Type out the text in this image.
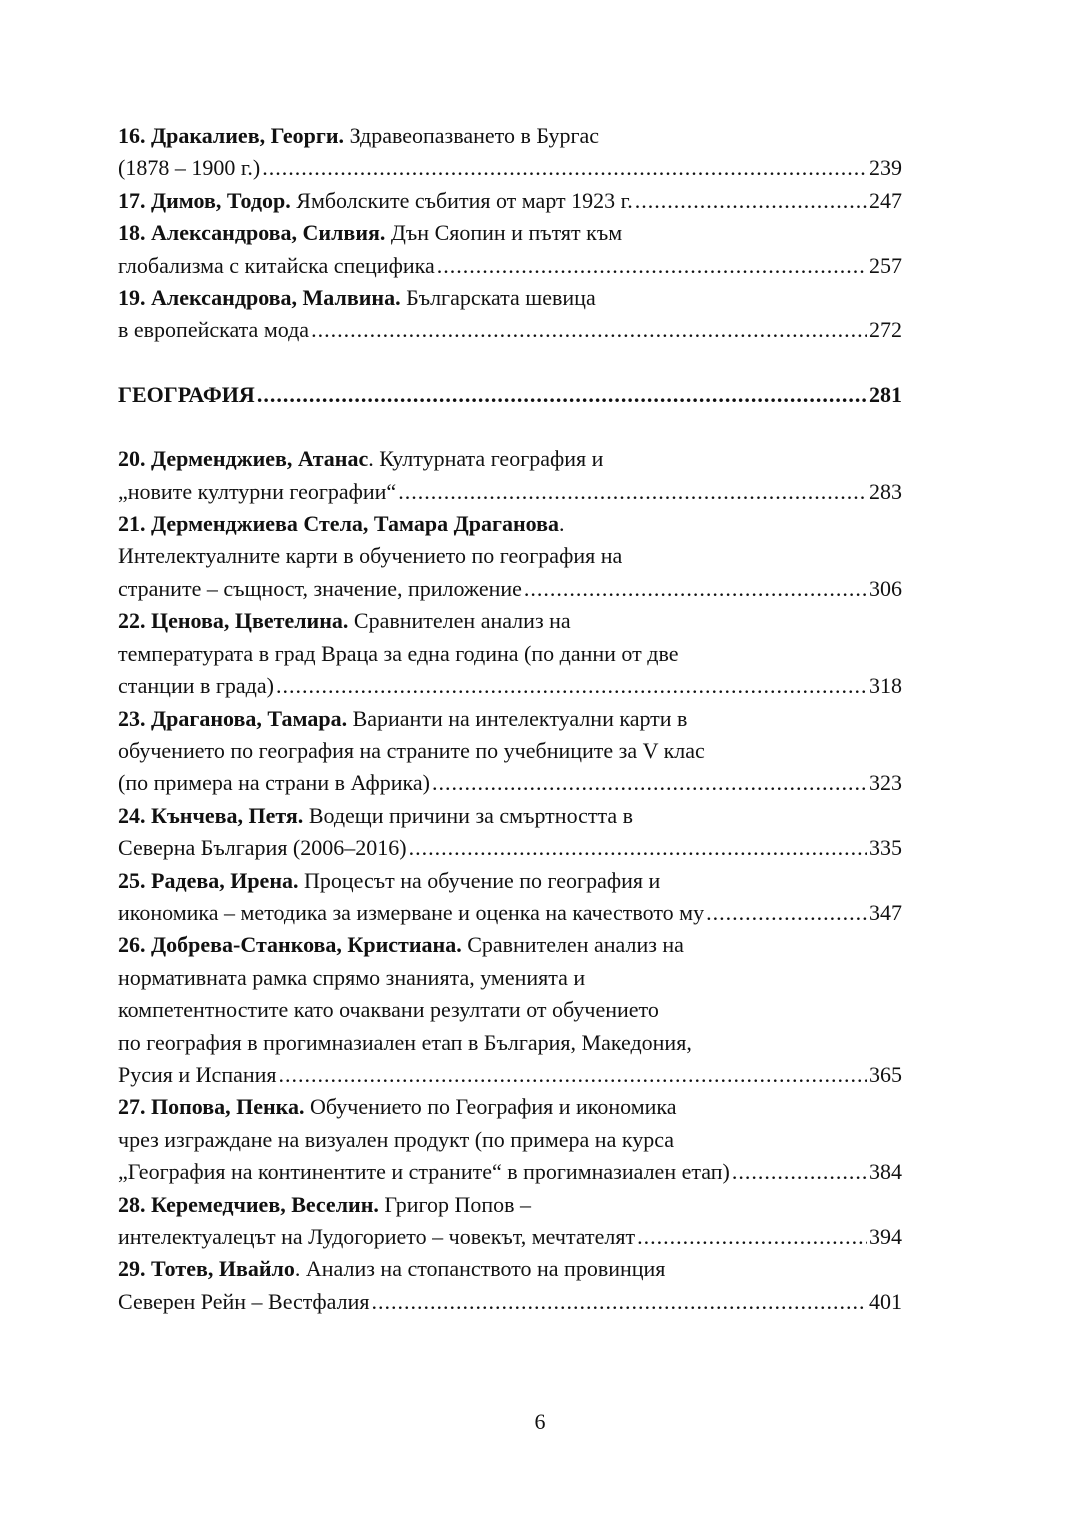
16. Дракалиев, Георги. Здравеопазването в Бургас
(1878 – 1900 г.) .....	239
17. Димов, Тодор. Ямболските събития от март 1923 г. .....	247
18. Александрова, Силвия. Дън Сяопин и пътят към
глобализма с китайска специфика .....	257
19. Александрова, Малвина. Българската шевица
в европейската мода .....	272
ГЕОГРАФИЯ .....	281
20. Дерменджиев, Атанас. Културната география и
„новите културни географии“ .....	283
21. Дерменджиева Стела, Тамара Драганова.
Интелектуалните карти в обучението по география на
страните – същност, значение, приложение .....	306
22. Ценова, Цветелина. Сравнителен анализ на
температурата в град Враца за една година (по данни от две
станции в града) .....	318
23. Драганова, Тамара. Варианти на интелектуални карти в
обучението по география на страните по учебниците за V клас
(по примера на страни в Африка) .....	323
24. Кънчева, Петя. Водещи причини за смъртността в
Северна България (2006–2016) .....	335
25. Радева, Ирена. Процесът на обучение по география и
икономика – методика за измерване и оценка на качеството му .....	347
26. Добрева-Станкова, Кристиана. Сравнителен анализ на
нормативната рамка спрямо знанията, уменията и
компетентностите като очаквани резултати от обучението
по география в прогимназиален етап в България, Македония,
Русия и Испания .....	365
27. Попова, Пенка. Обучението по География и икономика
чрез изграждане на визуален продукт (по примера на курса
„География на континентите и страните“ в прогимназиален етап) .....	384
28. Керемедчиев, Веселин. Григор Попов –
интелектуалецът на Лудогорието – човекът, мечтателят .....	394
29. Тотев, Ивайло. Анализ на стопанството на провинция
Северен Рейн – Вестфалия .....	401
6
